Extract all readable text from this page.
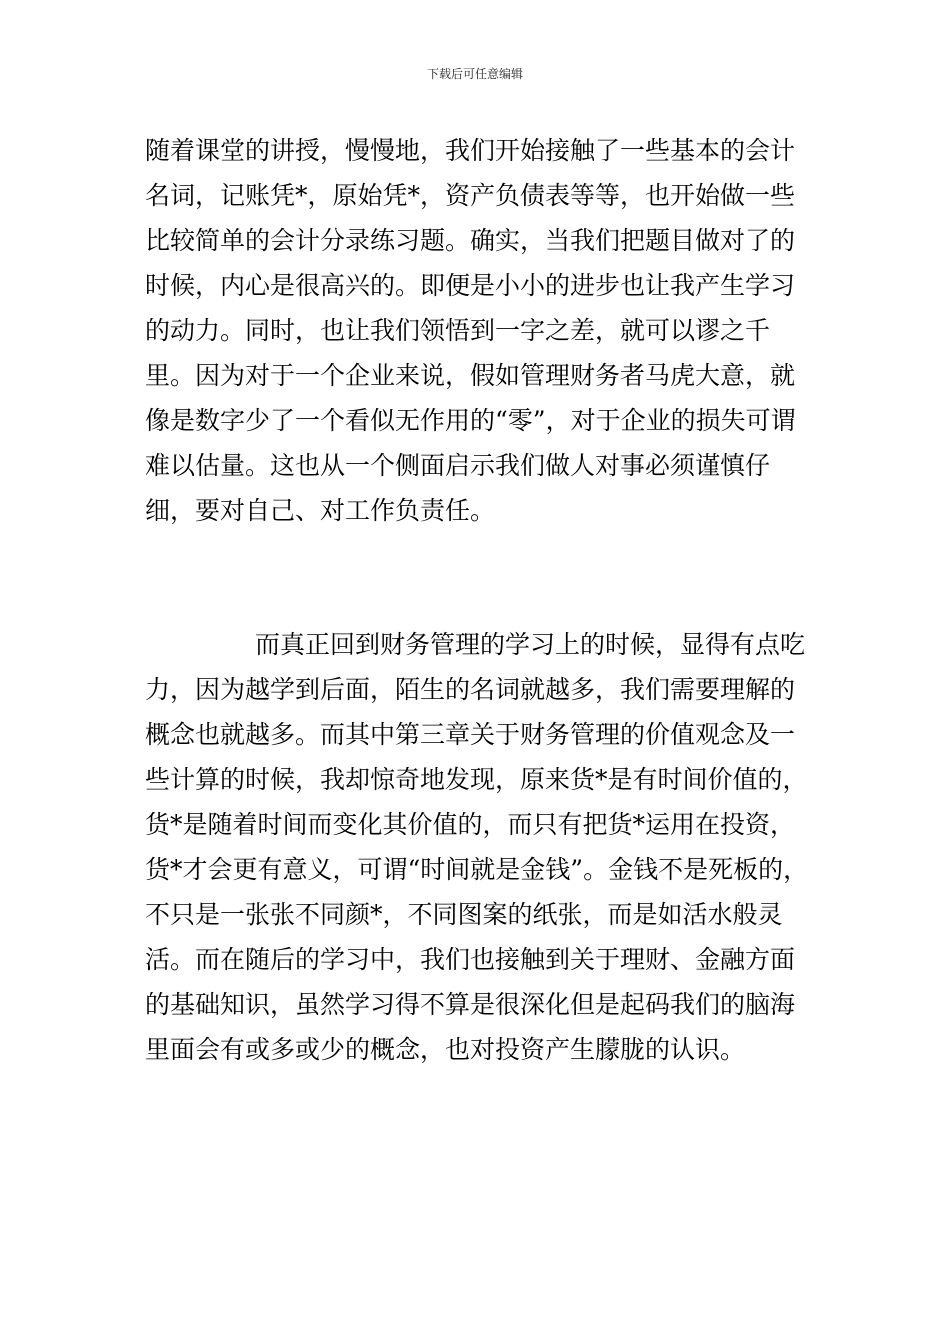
下载后可任意编辑

随着课堂的讲授，慢慢地，我们开始接触了一些基本的会计名词，记账凭*，原始凭*，资产负债表等等，也开始做一些比较简单的会计分录练习题。确实，当我们把题目做对了的时候，内心是很高兴的。即便是小小的进步也让我产生学习的动力。同时，也让我们领悟到一字之差，就可以谬之千里。因为对于一个企业来说，假如管理财务者马虎大意，就像是数字少了一个看似无作用的“零”，对于企业的损失可谓难以估量。这也从一个侧面启示我们做人对事必须谨慎仔细，要对自己、对工作负责任。

而真正回到财务管理的学习上的时候，显得有点吃力，因为越学到后面，陌生的名词就越多，我们需要理解的概念也就越多。而其中第三章关于财务管理的价值观念及一些计算的时候，我却惊奇地发现，原来货*是有时间价值的，货*是随着时间而变化其价值的，而只有把货*运用在投资，货*才会更有意义，可谓“时间就是金钱”。金钱不是死板的，不只是一张张不同颜*，不同图案的纸张，而是如活水般灵活。而在随后的学习中，我们也接触到关于理财、金融方面的基础知识，虽然学习得不算是很深化但是起码我们的脑海里面会有或多或少的概念，也对投资产生朦胧的认识。
